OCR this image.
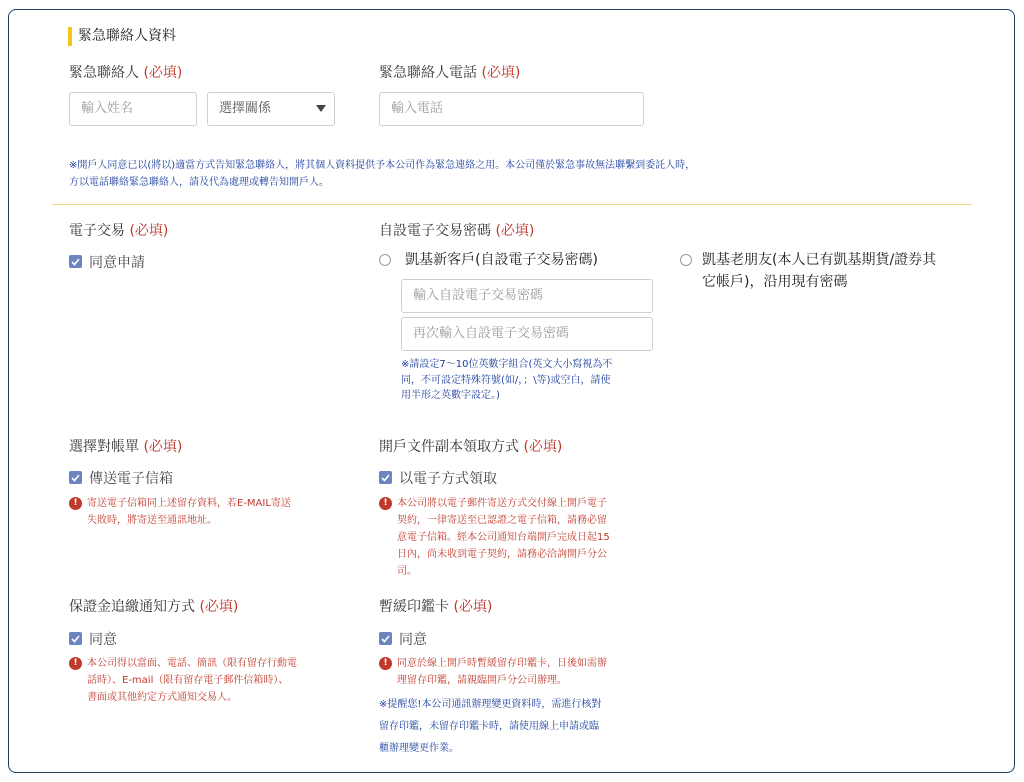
緊急聯絡人資料
緊急聯絡人 (必填)	緊急聯絡人電話 (必填)
輸入姓名	選擇關係	輸入電話
※開戶人同意已以(將以)適當方式告知緊急聯絡人，將其個人資料提供予本公司作為緊急連絡之用。本公司僅於緊急事故無法聯繫到委託人時，
方以電話聯絡緊急聯絡人，請及代為處理或轉告知開戶人。
電子交易 (必填)
同意申請
自設電子交易密碼 (必填)
凱基新客戶(自設電子交易密碼)
輸入自設電子交易密碼
再次輸入自設電子交易密碼
※請設定7～10位英數字組合(英文大小寫視為不
同，不可設定特殊符號(如/，；\等)或空白，請使
用半形之英數字設定。)
凱基老朋友(本人已有凱基期貨/證券其
它帳戶)，沿用現有密碼
選擇對帳單 (必填)
傳送電子信箱
! 寄送電子信箱同上述留存資料，若E-MAIL寄送
失敗時，將寄送至通訊地址。
開戶文件副本領取方式 (必填)
以電子方式領取
! 本公司將以電子郵件寄送方式交付線上開戶電子
契約，一律寄送至已認證之電子信箱，請務必留
意電子信箱。經本公司通知台端開戶完成日起15
日內，尚未收到電子契約，請務必洽詢開戶分公
司。
保證金追繳通知方式 (必填)
同意
! 本公司得以當面、電話、簡訊（限有留存行動電
話時）、E-mail（限有留存電子郵件信箱時）、
書面或其他約定方式通知交易人。
暫緩印鑑卡 (必填)
同意
! 同意於線上開戶時暫緩留存印鑑卡，日後如需辦
理留存印鑑，請親臨開戶分公司辦理。
※提醒您!本公司通訊辦理變更資料時，需進行核對
留存印鑑，未留存印鑑卡時，請使用線上申請或臨
櫃辦理變更作業。
